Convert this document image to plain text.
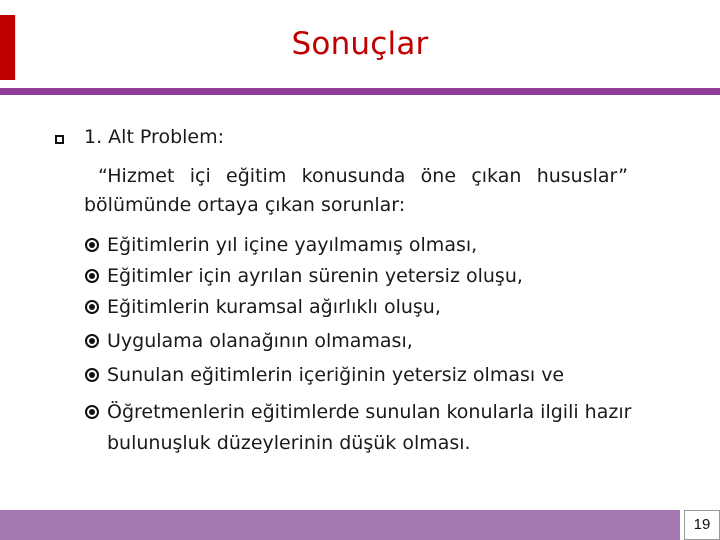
Sonuçlar
1. Alt Problem:
“Hizmet içi eğitim konusunda öne çıkan hususlar”
bölümünde ortaya çıkan sorunlar:
Eğitimlerin yıl içine yayılmamış olması,
Eğitimler için ayrılan sürenin yetersiz oluşu,
Eğitimlerin kuramsal ağırlıklı oluşu,
Uygulama olanağının olmaması,
Sunulan eğitimlerin içeriğinin yetersiz olması ve
Öğretmenlerin eğitimlerde sunulan konularla ilgili hazır
bulunuşluk düzeylerinin düşük olması.
19
